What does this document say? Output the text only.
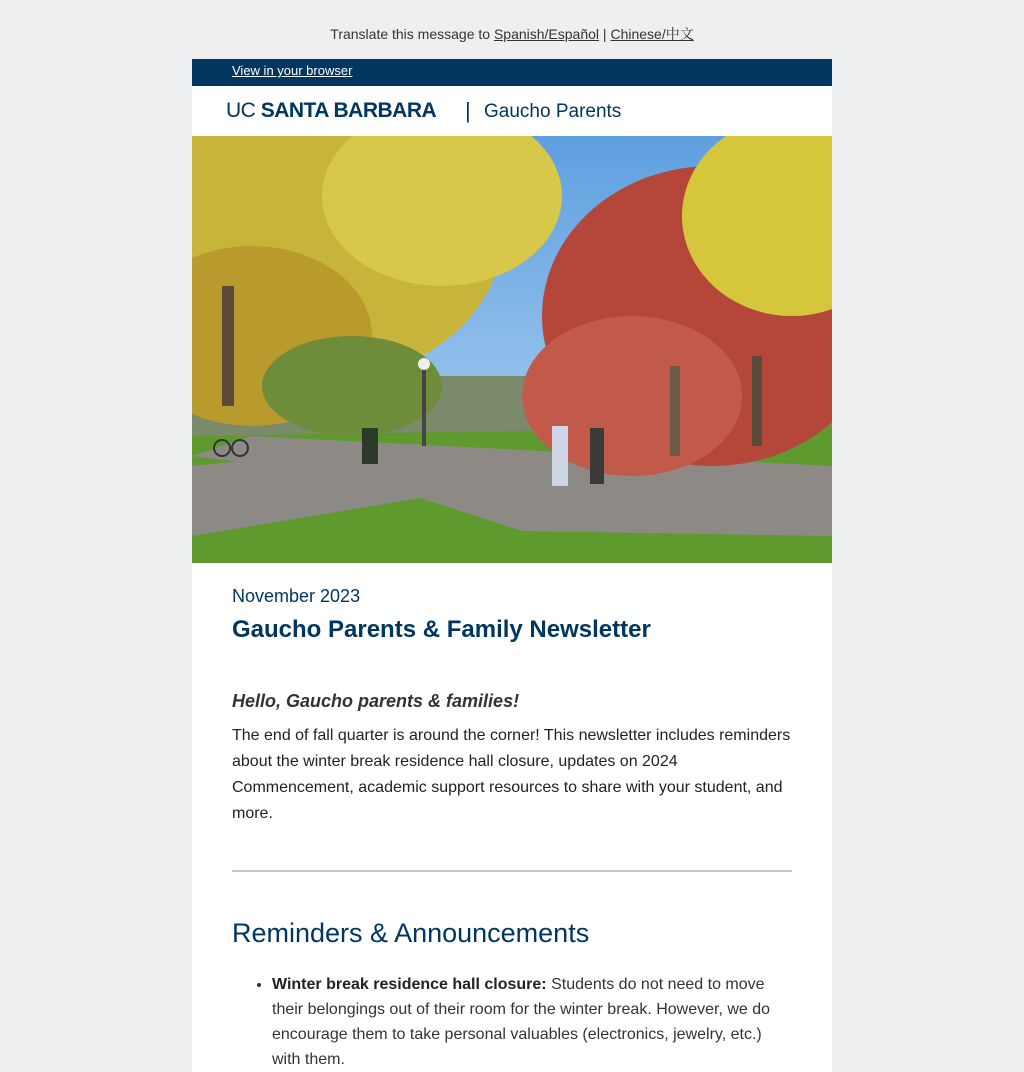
Translate this message to Spanish/Español | Chinese/中文
View in your browser
UC SANTA BARBARA | Gaucho Parents

November 2023

Gaucho Parents & Family Newsletter

Hello, Gaucho parents & families!

The end of fall quarter is around the corner! This newsletter includes reminders about the winter break residence hall closure, updates on 2024 Commencement, academic support resources to share with your student, and more.

Reminders & Announcements
• Winter break residence hall closure: Students do not need to move their belongings out of their room for the winter break. However, we do encourage them to take personal valuables (electronics, jewelry, etc.) with them.
